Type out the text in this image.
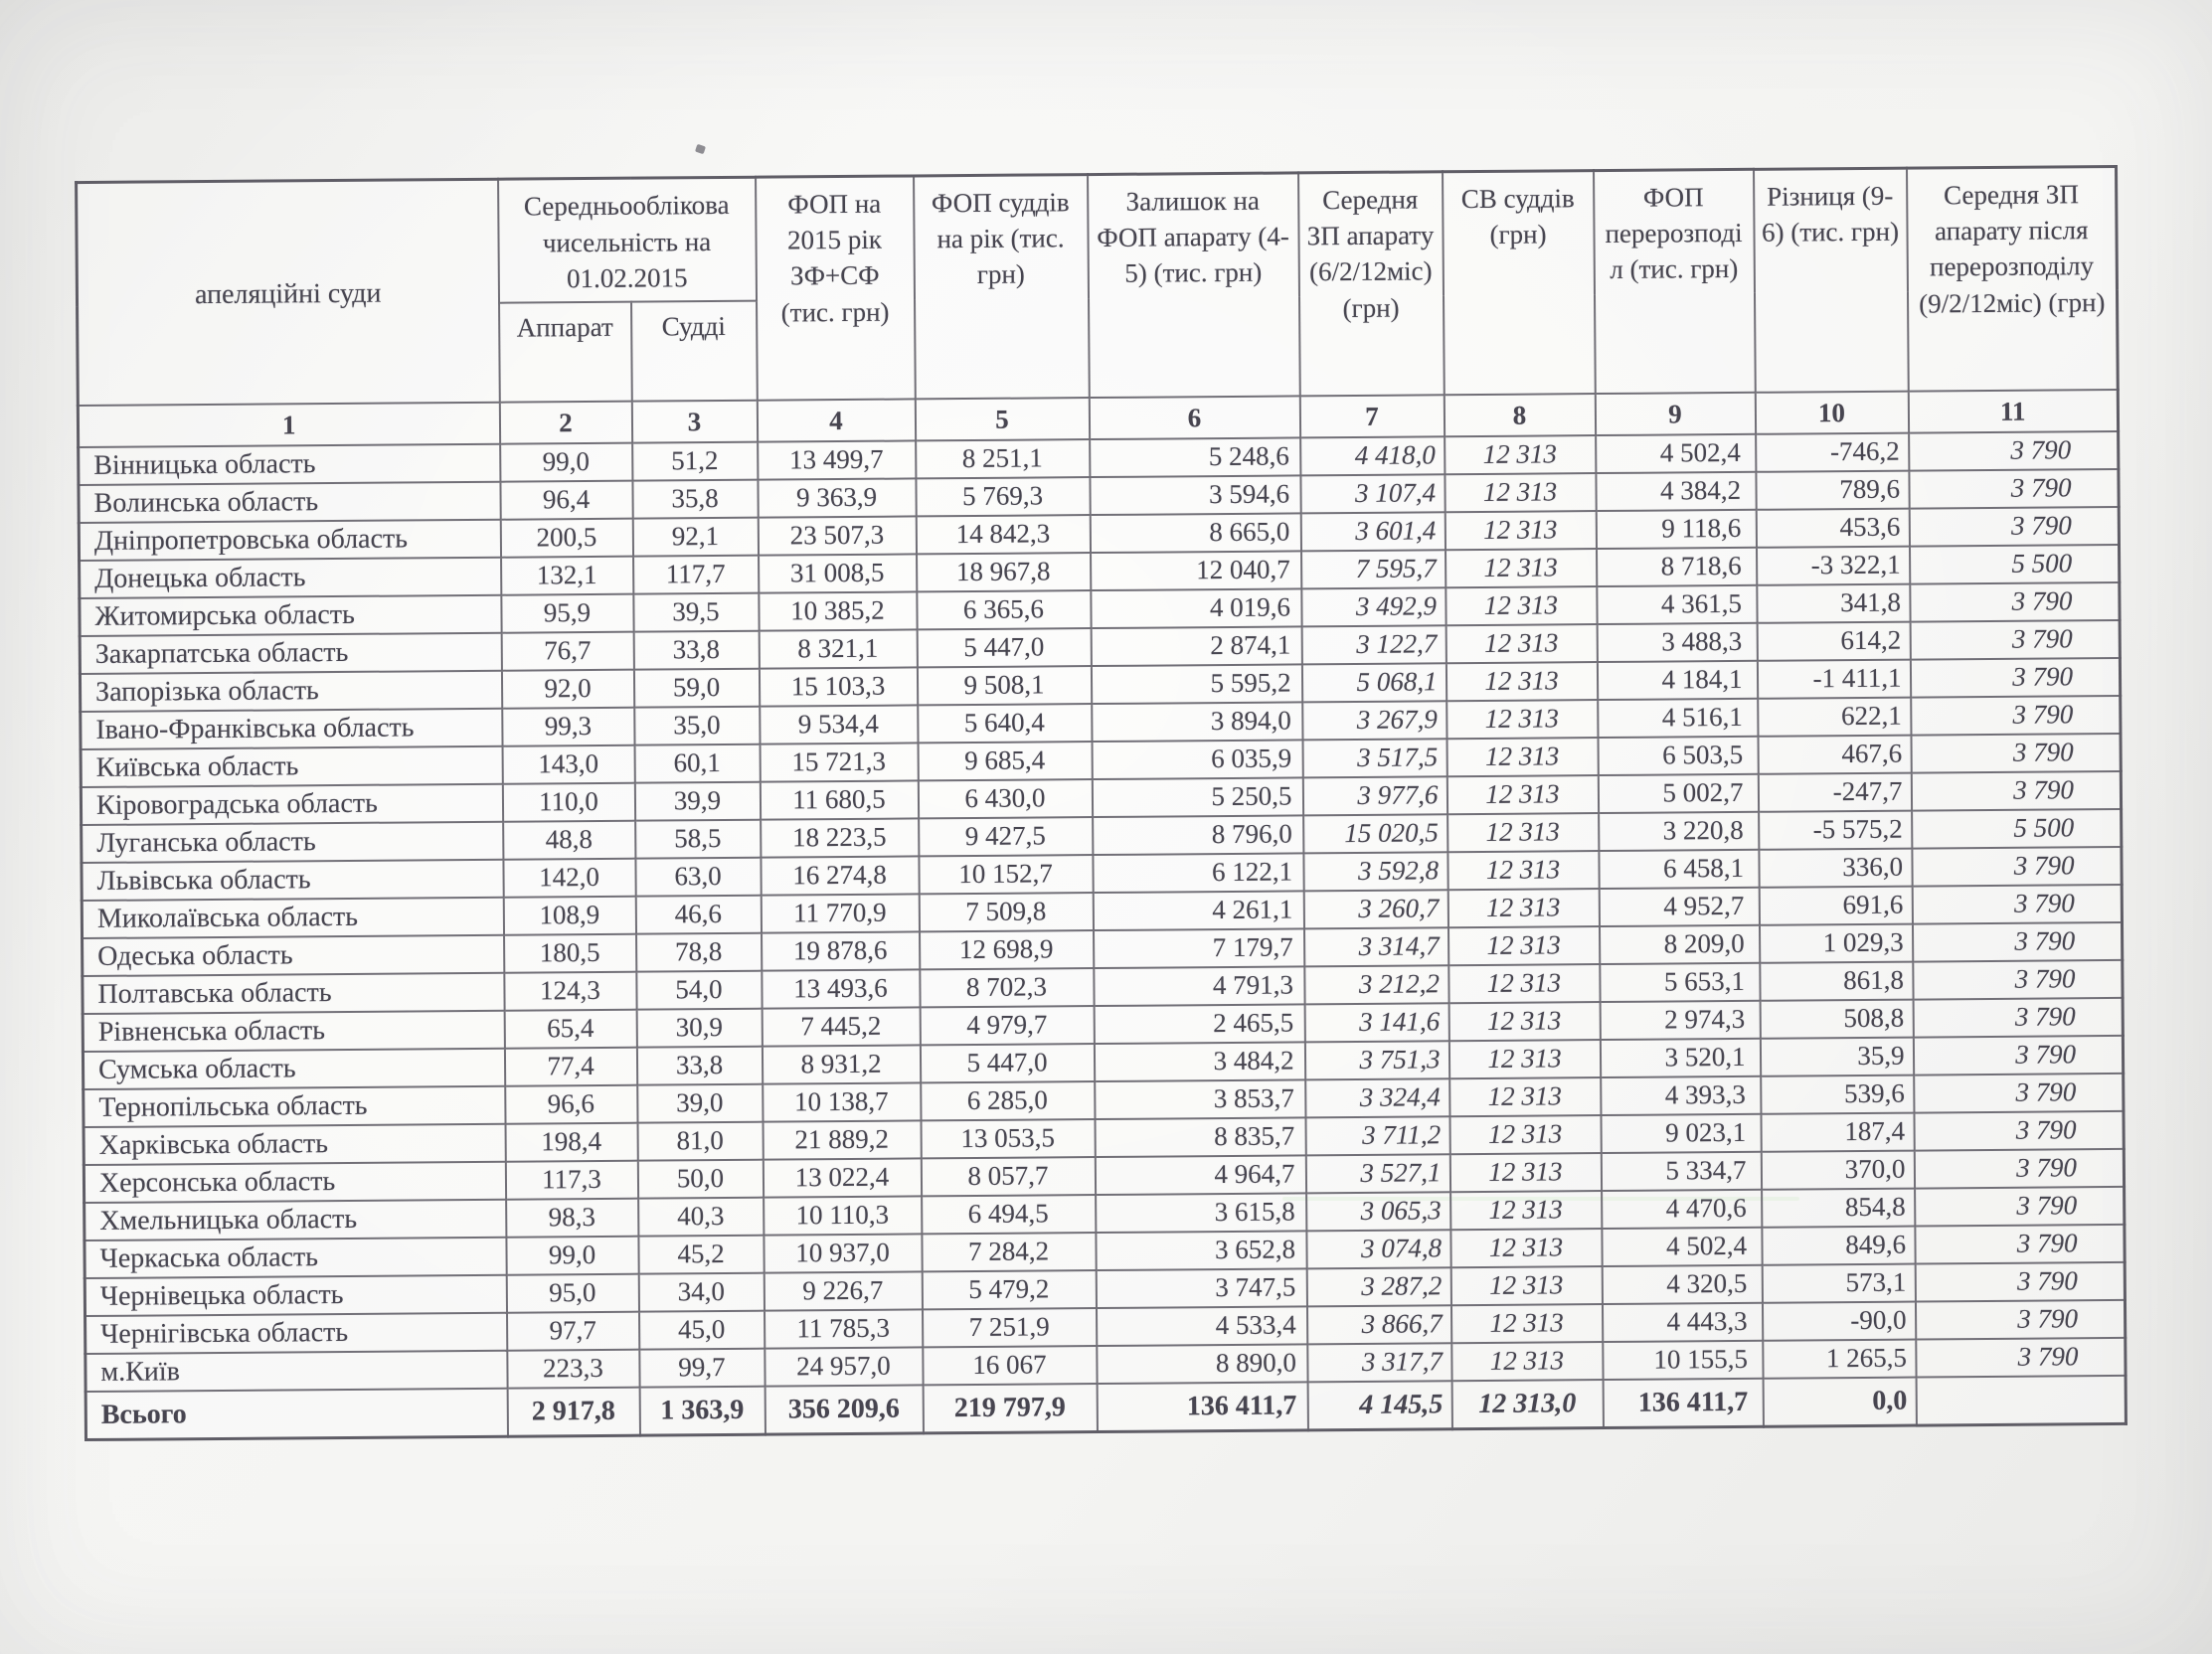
апеляційні суди	Середньооблікова чисельність на 01.02.2015		ФОП на 2015 рік ЗФ+СФ (тис. грн)	ФОП суддів на рік (тис. грн)	Залишок на ФОП апарату (4-5) (тис. грн)	Середня ЗП апарату (6/2/12міс) (грн)	СВ суддів (грн)	ФОП перерозподіл (тис. грн)	Різниця (9-6) (тис. грн)	Середня ЗП апарату після перерозподілу (9/2/12міс) (грн)
	Аппарат	Судді								
1	2	3	4	5	6	7	8	9	10	11
Вінницька область	99,0	51,2	13 499,7	8 251,1	5 248,6	4 418,0	12 313	4 502,4	-746,2	3 790
Волинська область	96,4	35,8	9 363,9	5 769,3	3 594,6	3 107,4	12 313	4 384,2	789,6	3 790
Дніпропетровська область	200,5	92,1	23 507,3	14 842,3	8 665,0	3 601,4	12 313	9 118,6	453,6	3 790
Донецька область	132,1	117,7	31 008,5	18 967,8	12 040,7	7 595,7	12 313	8 718,6	-3 322,1	5 500
Житомирська область	95,9	39,5	10 385,2	6 365,6	4 019,6	3 492,9	12 313	4 361,5	341,8	3 790
Закарпатська область	76,7	33,8	8 321,1	5 447,0	2 874,1	3 122,7	12 313	3 488,3	614,2	3 790
Запорізька область	92,0	59,0	15 103,3	9 508,1	5 595,2	5 068,1	12 313	4 184,1	-1 411,1	3 790
Івано-Франківська область	99,3	35,0	9 534,4	5 640,4	3 894,0	3 267,9	12 313	4 516,1	622,1	3 790
Київська область	143,0	60,1	15 721,3	9 685,4	6 035,9	3 517,5	12 313	6 503,5	467,6	3 790
Кіровоградська область	110,0	39,9	11 680,5	6 430,0	5 250,5	3 977,6	12 313	5 002,7	-247,7	3 790
Луганська область	48,8	58,5	18 223,5	9 427,5	8 796,0	15 020,5	12 313	3 220,8	-5 575,2	5 500
Львівська область	142,0	63,0	16 274,8	10 152,7	6 122,1	3 592,8	12 313	6 458,1	336,0	3 790
Миколаївська область	108,9	46,6	11 770,9	7 509,8	4 261,1	3 260,7	12 313	4 952,7	691,6	3 790
Одеська область	180,5	78,8	19 878,6	12 698,9	7 179,7	3 314,7	12 313	8 209,0	1 029,3	3 790
Полтавська область	124,3	54,0	13 493,6	8 702,3	4 791,3	3 212,2	12 313	5 653,1	861,8	3 790
Рівненська область	65,4	30,9	7 445,2	4 979,7	2 465,5	3 141,6	12 313	2 974,3	508,8	3 790
Сумська область	77,4	33,8	8 931,2	5 447,0	3 484,2	3 751,3	12 313	3 520,1	35,9	3 790
Тернопільська область	96,6	39,0	10 138,7	6 285,0	3 853,7	3 324,4	12 313	4 393,3	539,6	3 790
Харківська область	198,4	81,0	21 889,2	13 053,5	8 835,7	3 711,2	12 313	9 023,1	187,4	3 790
Херсонська область	117,3	50,0	13 022,4	8 057,7	4 964,7	3 527,1	12 313	5 334,7	370,0	3 790
Хмельницька область	98,3	40,3	10 110,3	6 494,5	3 615,8	3 065,3	12 313	4 470,6	854,8	3 790
Черкаська область	99,0	45,2	10 937,0	7 284,2	3 652,8	3 074,8	12 313	4 502,4	849,6	3 790
Чернівецька область	95,0	34,0	9 226,7	5 479,2	3 747,5	3 287,2	12 313	4 320,5	573,1	3 790
Чернігівська область	97,7	45,0	11 785,3	7 251,9	4 533,4	3 866,7	12 313	4 443,3	-90,0	3 790
м.Київ	223,3	99,7	24 957,0	16 067	8 890,0	3 317,7	12 313	10 155,5	1 265,5	3 790
Всього	2 917,8	1 363,9	356 209,6	219 797,9	136 411,7	4 145,5	12 313,0	136 411,7	0,0	
